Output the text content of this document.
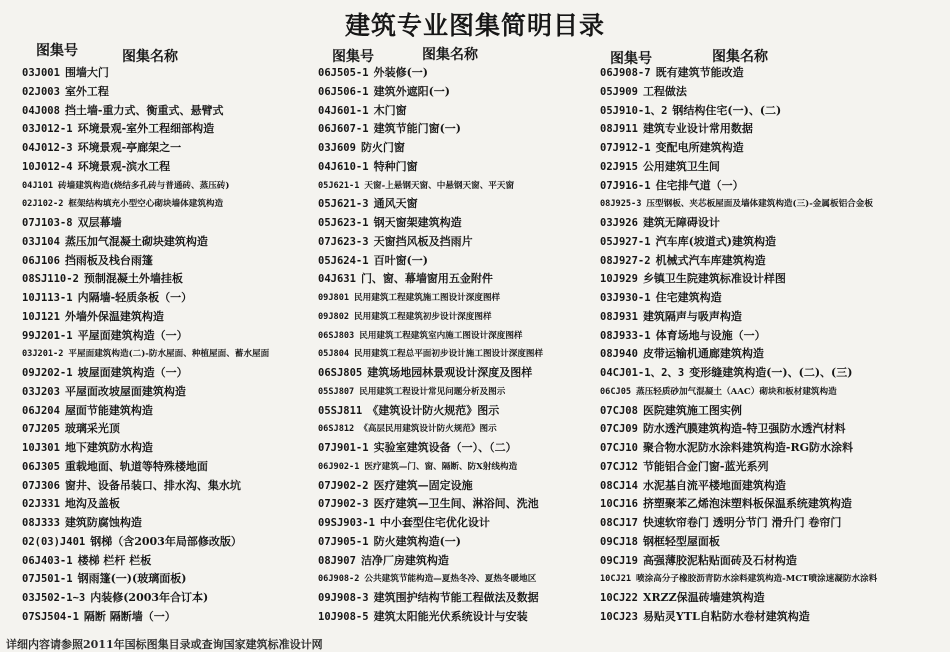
建筑专业图集简明目录
图集号	图集名称
03J001 围墙大门
02J003 室外工程
04J008 挡土墙-重力式、衡重式、悬臂式
03J012-1 环境景观-室外工程细部构造
04J012-3 环境景观-亭廊架之一
10J012-4 环境景观-滨水工程
04J101 砖墙建筑构造(烧结多孔砖与普通砖、蒸压砖)
02J102-2 框架结构填充小型空心砌块墙体建筑构造
07J103-8 双层幕墙
03J104 蒸压加气混凝土砌块建筑构造
06J106 挡雨板及栈台雨篷
08SJ110-2 预制混凝土外墙挂板
10J113-1 内隔墙-轻质条板（一）
10J121 外墙外保温建筑构造
99J201-1 平屋面建筑构造（一）
03J201-2 平屋面建筑构造(二)-防水屋面、种植屋面、蓄水屋面
09J202-1 坡屋面建筑构造（一）
03J203 平屋面改坡屋面建筑构造
06J204 屋面节能建筑构造
07J205 玻璃采光顶
10J301 地下建筑防水构造
06J305 重载地面、轨道等特殊楼地面
07J306 窗井、设备吊装口、排水沟、集水坑
02J331 地沟及盖板
08J333 建筑防腐蚀构造
02(03)J401 钢梯（含2003年局部修改版）
06J403-1 楼梯 栏杆 栏板
07J501-1 钢雨篷(一)(玻璃面板)
03J502-1~3 内装修(2003年合订本)
07SJ504-1 隔断 隔断墙（一）
图集号	图集名称
06J505-1 外装修(一)
06J506-1 建筑外遮阳(一)
04J601-1 木门窗
06J607-1 建筑节能门窗(一)
03J609 防火门窗
04J610-1 特种门窗
05J621-1 天窗-上悬钢天窗、中悬钢天窗、平天窗
05J621-3 通风天窗
05J623-1 钢天窗架建筑构造
07J623-3 天窗挡风板及挡雨片
05J624-1 百叶窗(一)
04J631 门、窗、幕墙窗用五金附件
09J801 民用建筑工程建筑施工图设计深度图样
09J802 民用建筑工程建筑初步设计深度图样
06SJ803 民用建筑工程建筑室内施工图设计深度图样
05J804 民用建筑工程总平面初步设计施工图设计深度图样
06SJ805 建筑场地园林景观设计深度及图样
05SJ807 民用建筑工程设计常见问题分析及图示
05SJ811 《建筑设计防火规范》图示
06SJ812 《高层民用建筑设计防火规范》图示
07J901-1 实验室建筑设备（一）、（二）
06J902-1 医疗建筑—门、窗、隔断、防X射线构造
07J902-2 医疗建筑—固定设施
07J902-3 医疗建筑—卫生间、淋浴间、洗池
09SJ903-1 中小套型住宅优化设计
07J905-1 防火建筑构造(一)
08J907 洁净厂房建筑构造
06J908-2 公共建筑节能构造—夏热冬冷、夏热冬暖地区
09J908-3 建筑围护结构节能工程做法及数据
10J908-5 建筑太阳能光伏系统设计与安装
图集号	图集名称
06J908-7 既有建筑节能改造
05J909 工程做法
05J910-1、2 钢结构住宅(一)、(二)
08J911 建筑专业设计常用数据
07J912-1 变配电所建筑构造
02J915 公用建筑卫生间
07J916-1 住宅排气道（一）
08J925-3 压型钢板、夹芯板屋面及墙体建筑构造(三)-金属板铝合金板
03J926 建筑无障碍设计
05J927-1 汽车库(坡道式)建筑构造
08J927-2 机械式汽车库建筑构造
10J929 乡镇卫生院建筑标准设计样图
03J930-1 住宅建筑构造
08J931 建筑隔声与吸声构造
08J933-1 体育场地与设施（一）
08J940 皮带运输机通廊建筑构造
04CJ01-1、2、3 变形缝建筑构造(一)、(二)、(三)
06CJ05 蒸压轻质砂加气混凝土（AAC）砌块和板材建筑构造
07CJ08 医院建筑施工图实例
07CJ09 防水透汽膜建筑构造-特卫强防水透汽材料
07CJ10 聚合物水泥防水涂料建筑构造-RG防水涂料
07CJ12 节能铝合金门窗-蓝光系列
08CJ14 水泥基自流平楼地面建筑构造
10CJ16 挤塑聚苯乙烯泡沫塑料板保温系统建筑构造
08CJ17 快速软帘卷门 透明分节门 滑升门 卷帘门
09CJ18 钢框轻型屋面板
09CJ19 高强薄胶泥粘贴面砖及石材构造
10CJ21 喷涂高分子橡胶沥青防水涂料建筑构造-MCT喷涂速凝防水涂料
10CJ22 XRZZ保温砖墙建筑构造
10CJ23 易贴灵YTL自粘防水卷材建筑构造
详细内容请参照2011年国标图集目录或查询国家建筑标准设计网
